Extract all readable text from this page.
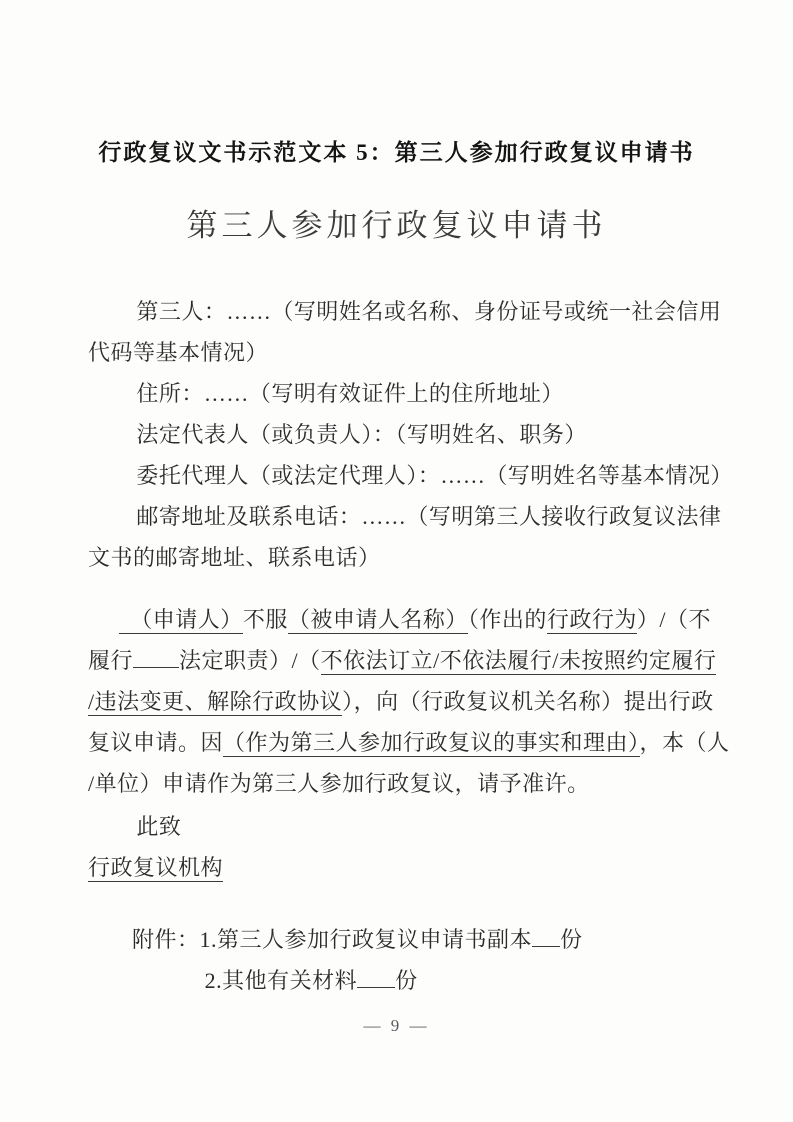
行政复议文书示范文本 5：第三人参加行政复议申请书
第三人参加行政复议申请书
第三人：……（写明姓名或名称、身份证号或统一社会信用
代码等基本情况）
住所：……（写明有效证件上的住所地址）
法定代表人（或负责人）：（写明姓名、职务）
委托代理人（或法定代理人）：……（写明姓名等基本情况）
邮寄地址及联系电话：……（写明第三人接收行政复议法律
文书的邮寄地址、联系电话）
　（申请人）不服（被申请人名称）（作出的行政行为）/（不
履行 法定职责）/（不依法订立/不依法履行/未按照约定履行
/违法变更、解除行政协议），向（行政复议机关名称）提出行政
复议申请。因（作为第三人参加行政复议的事实和理由），本（人
/单位）申请作为第三人参加行政复议，请予准许。
此致
行政复议机构
附件：1.第三人参加行政复议申请书副本 份
2.其他有关材料 份
— 9 —
